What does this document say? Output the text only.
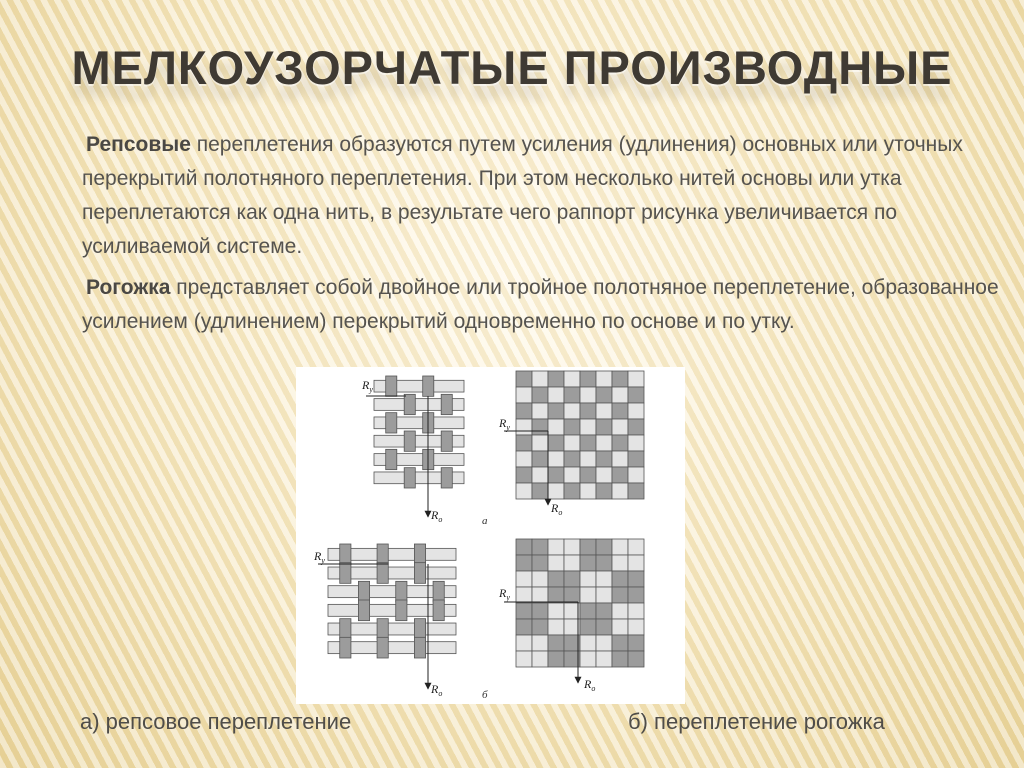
МЕЛКОУЗОРЧАТЫЕ ПРОИЗВОДНЫЕ

Репсовые переплетения образуются путем усиления (удлинения) основных или уточных перекрытий полотняного переплетения. При этом несколько нитей основы или утка переплетаются как одна нить, в результате чего раппорт рисунка увеличивается по усиливаемой системе.

Рогожка представляет собой двойное или тройное полотняное переплетение, образованное усилением (удлинением) перекрытий одновременно по основе и по утку.

$R_у$
$R_о$
$R_у$
$R_о$
а
$R_у$
$R_о$
$R_у$
$R_о$
б
а) репсовое переплетение	б) переплетение рогожка
